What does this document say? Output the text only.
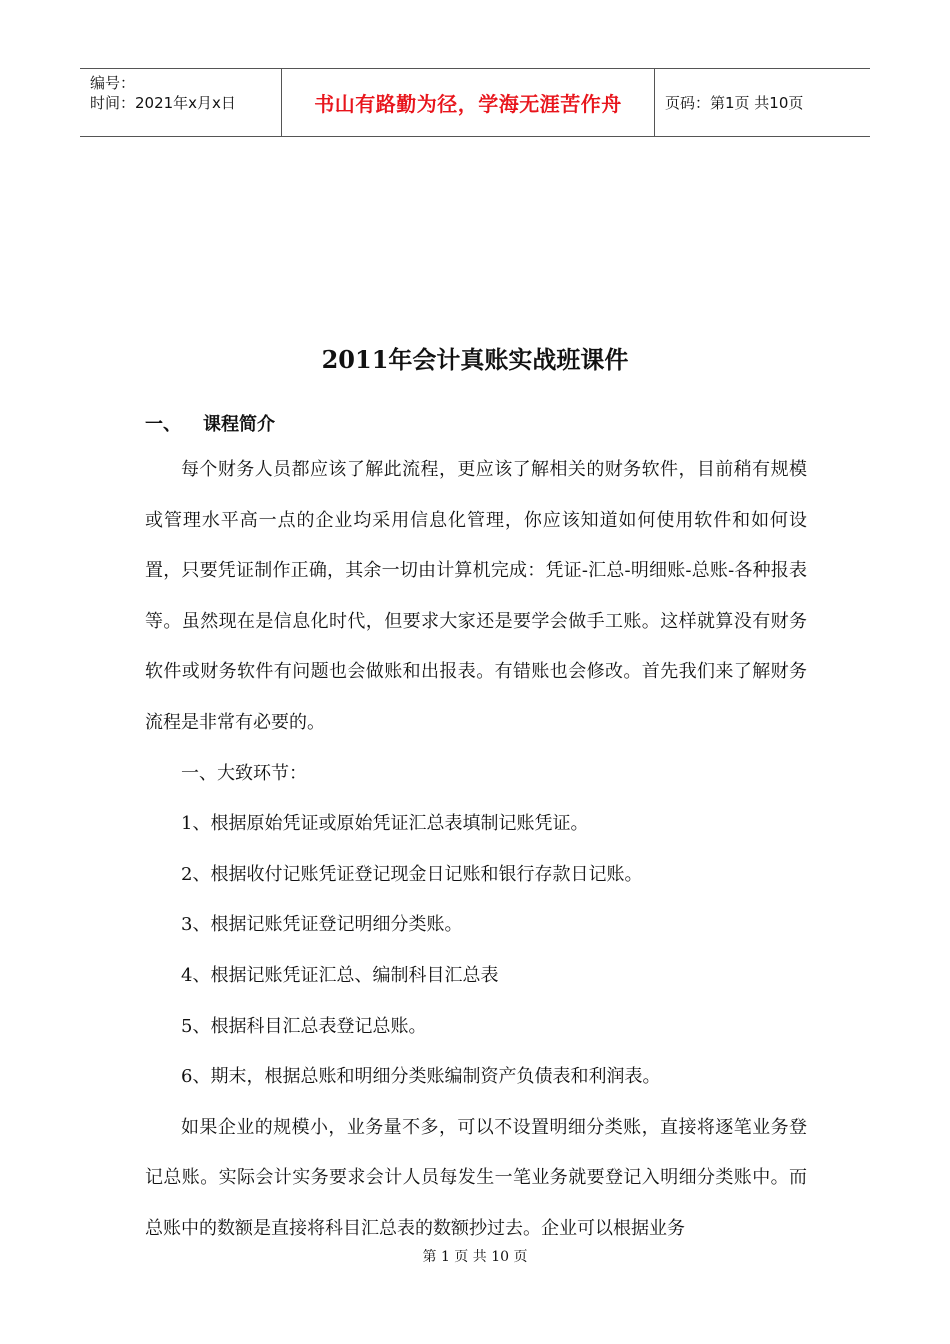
编号：
时间：2021年x月x日	书山有路勤为径，学海无涯苦作舟	页码：第1页 共10页
2011年会计真账实战班课件
一、	课程简介

每个财务人员都应该了解此流程，更应该了解相关的财务软件，目前稍有规模或管理水平高一点的企业均采用信息化管理，你应该知道如何使用软件和如何设置，只要凭证制作正确，其余一切由计算机完成：凭证-汇总-明细账-总账-各种报表等。虽然现在是信息化时代，但要求大家还是要学会做手工账。这样就算没有财务软件或财务软件有问题也会做账和出报表。有错账也会修改。首先我们来了解财务流程是非常有必要的。

一、大致环节：

1、根据原始凭证或原始凭证汇总表填制记账凭证。

2、根据收付记账凭证登记现金日记账和银行存款日记账。

3、根据记账凭证登记明细分类账。

4、根据记账凭证汇总、编制科目汇总表

5、根据科目汇总表登记总账。

6、期末，根据总账和明细分类账编制资产负债表和利润表。

如果企业的规模小，业务量不多，可以不设置明细分类账，直接将逐笔业务登记总账。实际会计实务要求会计人员每发生一笔业务就要登记入明细分类账中。而总账中的数额是直接将科目汇总表的数额抄过去。企业可以根据业务

第 1 页 共 10 页
